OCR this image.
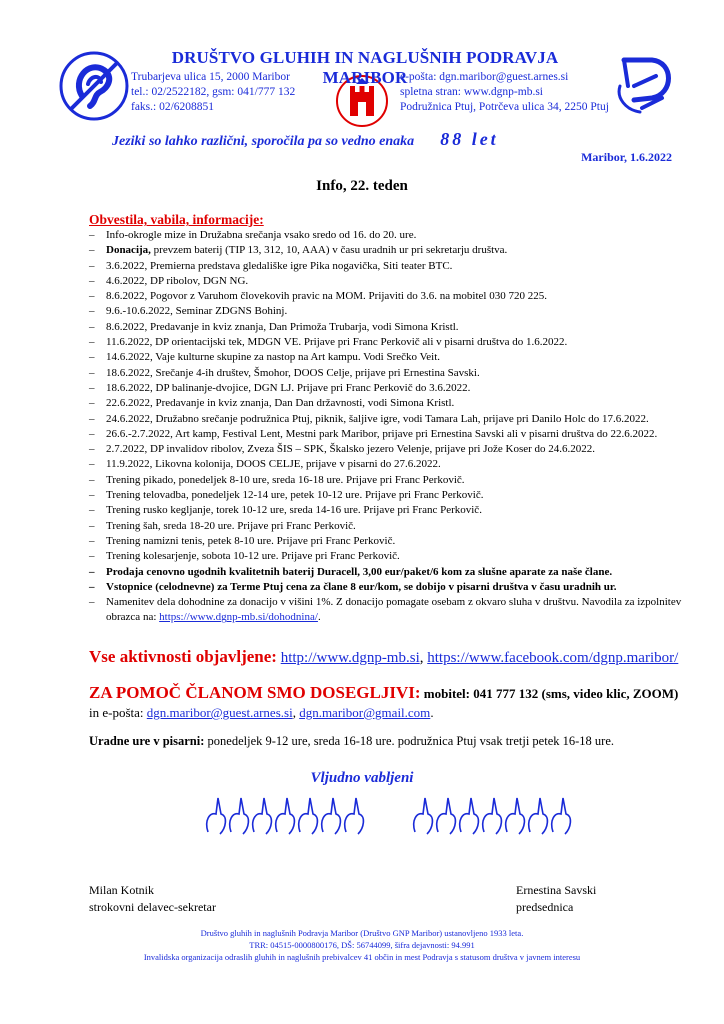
DRUŠTVO GLUHIH IN NAGLUŠNIH PODRAVJA MARIBOR
Trubarjeva ulica 15, 2000 Maribor
tel.: 02/2522182, gsm: 041/777 132
faks.: 02/6208851
e-pošta: dgn.maribor@guest.arnes.si
spletna stran: www.dgnp-mb.si
Podružnica Ptuj, Potrčeva ulica 34, 2250 Ptuj
Jeziki so lahko različni, sporočila pa so vedno enaka 88 let
Maribor, 1.6.2022
Info, 22. teden
Obvestila, vabila, informacije:
– Info-okrogle mize in Družabna srečanja vsako sredo od 16. do 20. ure.
– Donacija, prevzem baterij (TIP 13, 312, 10, AAA) v času uradnih ur pri sekretarju društva.
– 3.6.2022, Premierna predstava gledališke igre Pika nogavička, Siti teater BTC.
– 4.6.2022, DP ribolov, DGN NG.
– 8.6.2022, Pogovor z Varuhom človekovih pravic na MOM. Prijaviti do 3.6. na mobitel 030 720 225.
– 9.6.-10.6.2022, Seminar ZDGNS Bohinj.
– 8.6.2022, Predavanje in kviz znanja, Dan Primoža Trubarja, vodi Simona Kristl.
– 11.6.2022, DP orientacijski tek, MDGN VE. Prijave pri Franc Perkovič ali v pisarni društva do 1.6.2022.
– 14.6.2022, Vaje kulturne skupine za nastop na Art kampu. Vodi Srečko Veit.
– 18.6.2022, Srečanje 4-ih društev, Šmohor, DOOS Celje, prijave pri Ernestina Savski.
– 18.6.2022, DP balinanje-dvojice, DGN LJ. Prijave pri Franc Perkovič do 3.6.2022.
– 22.6.2022, Predavanje in kviz znanja, Dan Dan državnosti, vodi Simona Kristl.
– 24.6.2022, Družabno srečanje podružnica Ptuj, piknik, šaljive igre, vodi Tamara Lah, prijave pri Danilo Holc do 17.6.2022.
– 26.6.-2.7.2022, Art kamp, Festival Lent, Mestni park Maribor, prijave pri Ernestina Savski ali v pisarni društva do 22.6.2022.
– 2.7.2022, DP invalidov ribolov, Zveza ŠIS – SPK, Škalsko jezero Velenje, prijave pri Jože Koser do 24.6.2022.
– 11.9.2022, Likovna kolonija, DOOS CELJE, prijave v pisarni do 27.6.2022.
– Trening pikado, ponedeljek 8-10 ure, sreda 16-18 ure. Prijave pri Franc Perkovič.
– Trening telovadba, ponedeljek 12-14 ure, petek 10-12 ure. Prijave pri Franc Perkovič.
– Trening rusko kegljanje, torek 10-12 ure, sreda 14-16 ure. Prijave pri Franc Perkovič.
– Trening šah, sreda 18-20 ure. Prijave pri Franc Perkovič.
– Trening namizni tenis, petek 8-10 ure. Prijave pri Franc Perkovič.
– Trening kolesarjenje, sobota 10-12 ure. Prijave pri Franc Perkovič.
– Prodaja cenovno ugodnih kvalitetnih baterij Duracell, 3,00 eur/paket/6 kom za slušne aparate za naše člane.
– Vstopnice (celodnevne) za Terme Ptuj cena za člane 8 eur/kom, se dobijo v pisarni društva v času uradnih ur.
– Namenitev dela dohodnine za donacijo v višini 1%. Z donacijo pomagate osebam z okvaro sluha v društvu. Navodila za izpolnitev obrazca na: https://www.dgnp-mb.si/dohodnina/.
Vse aktivnosti objavljene: http://www.dgnp-mb.si, https://www.facebook.com/dgnp.maribor/
ZA POMOČ ČLANOM SMO DOSEGLJIVI: mobitel: 041 777 132 (sms, video klic, ZOOM) in e-pošta: dgn.maribor@guest.arnes.si, dgn.maribor@gmail.com.
Uradne ure v pisarni: ponedeljek 9-12 ure, sreda 16-18 ure. podružnica Ptuj vsak tretji petek 16-18 ure.
Vljudno vabljeni
Milan Kotnik
strokovni delavec-sekretar
Ernestina Savski
predsednica
Društvo gluhih in naglušnih Podravja Maribor (Društvo GNP Maribor) ustanovljeno 1933 leta.
TRR: 04515-0000800176, DŠ: 56744099, šifra dejavnosti: 94.991
Invalidska organizacija odraslih gluhih in naglušnih prebivalcev 41 občin in mest Podravja s statusom društva v javnem interesu
